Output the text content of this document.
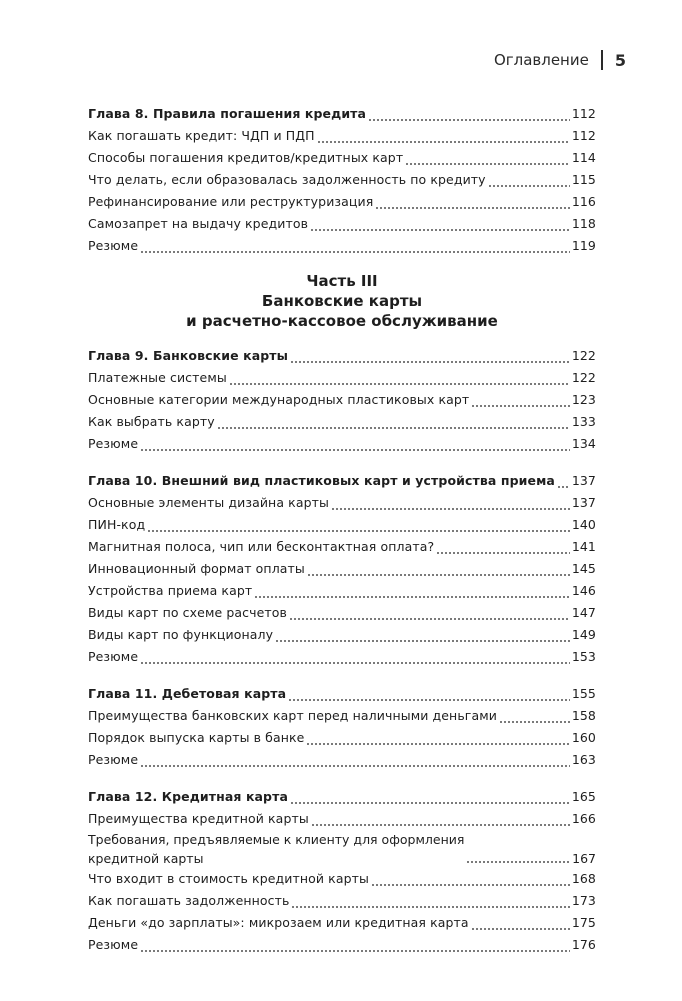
Оглавление 5
Глава 8. Правила погашения кредита	112
Как погашать кредит: ЧДП и ПДП	112
Способы погашения кредитов/кредитных карт	114
Что делать, если образовалась задолженность по кредиту	115
Рефинансирование или реструктуризация	116
Самозапрет на выдачу кредитов	118
Резюме	119
Часть III
Банковские карты
и расчетно-кассовое обслуживание
Глава 9. Банковские карты	122
Платежные системы	122
Основные категории международных пластиковых карт	123
Как выбрать карту	133
Резюме	134
Глава 10. Внешний вид пластиковых карт и устройства приема 137
Основные элементы дизайна карты	137
ПИН-код	140
Магнитная полоса, чип или бесконтактная оплата?	141
Инновационный формат оплаты	145
Устройства приема карт	146
Виды карт по схеме расчетов	147
Виды карт по функционалу	149
Резюме	153
Глава 11. Дебетовая карта	155
Преимущества банковских карт перед наличными деньгами	158
Порядок выпуска карты в банке	160
Резюме	163
Глава 12. Кредитная карта	165
Преимущества кредитной карты	166
Требования, предъявляемые к клиенту для оформления
кредитной карты	167
Что входит в стоимость кредитной карты	168
Как погашать задолженность	173
Деньги «до зарплаты»: микрозаем или кредитная карта	175
Резюме	176
